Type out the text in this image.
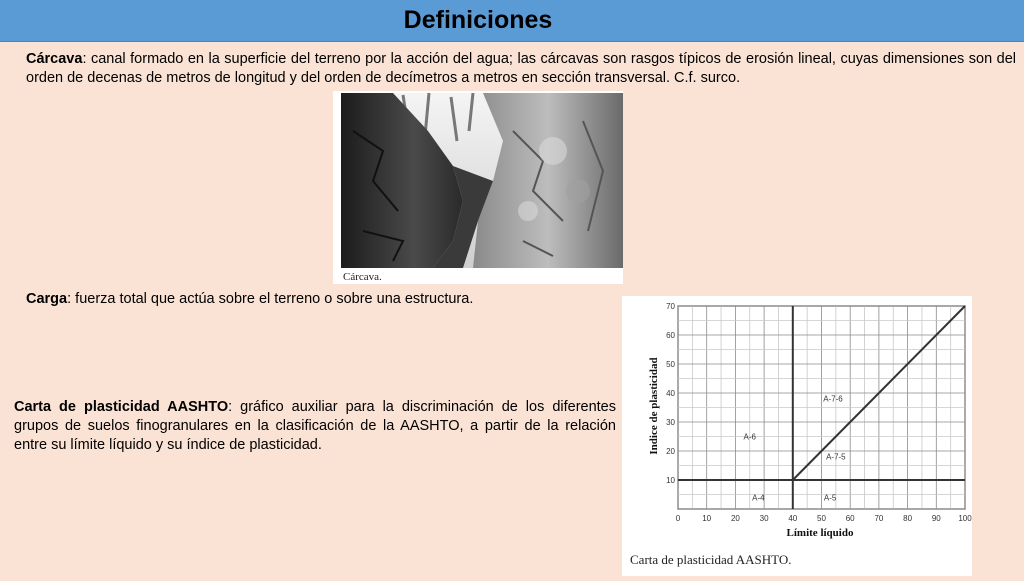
Definiciones

Cárcava: canal formado en la superficie del terreno por la acción del agua; las cárcavas son rasgos típicos de erosión lineal, cuyas dimensiones son del orden de decenas de metros de longitud y del orden de decímetros a metros en sección transversal. C.f. surco.

Cárcava.

Carga: fuerza total que actúa sobre el terreno o sobre una estructura.

Carta de plasticidad AASHTO: gráfico auxiliar para la discriminación de los diferentes grupos de suelos finogranulares en la clasificación de la AASHTO, a partir de la relación entre su límite líquido y su índice de plasticidad.

0	10 20 30 40 50 60 70 80 90 100
10
20
30
40
50
60
70
A-6
A-7-6
A-7-5
A-4	A-5
Límite líquido
Indice de plasticidad
Carta de plasticidad AASHTO.
